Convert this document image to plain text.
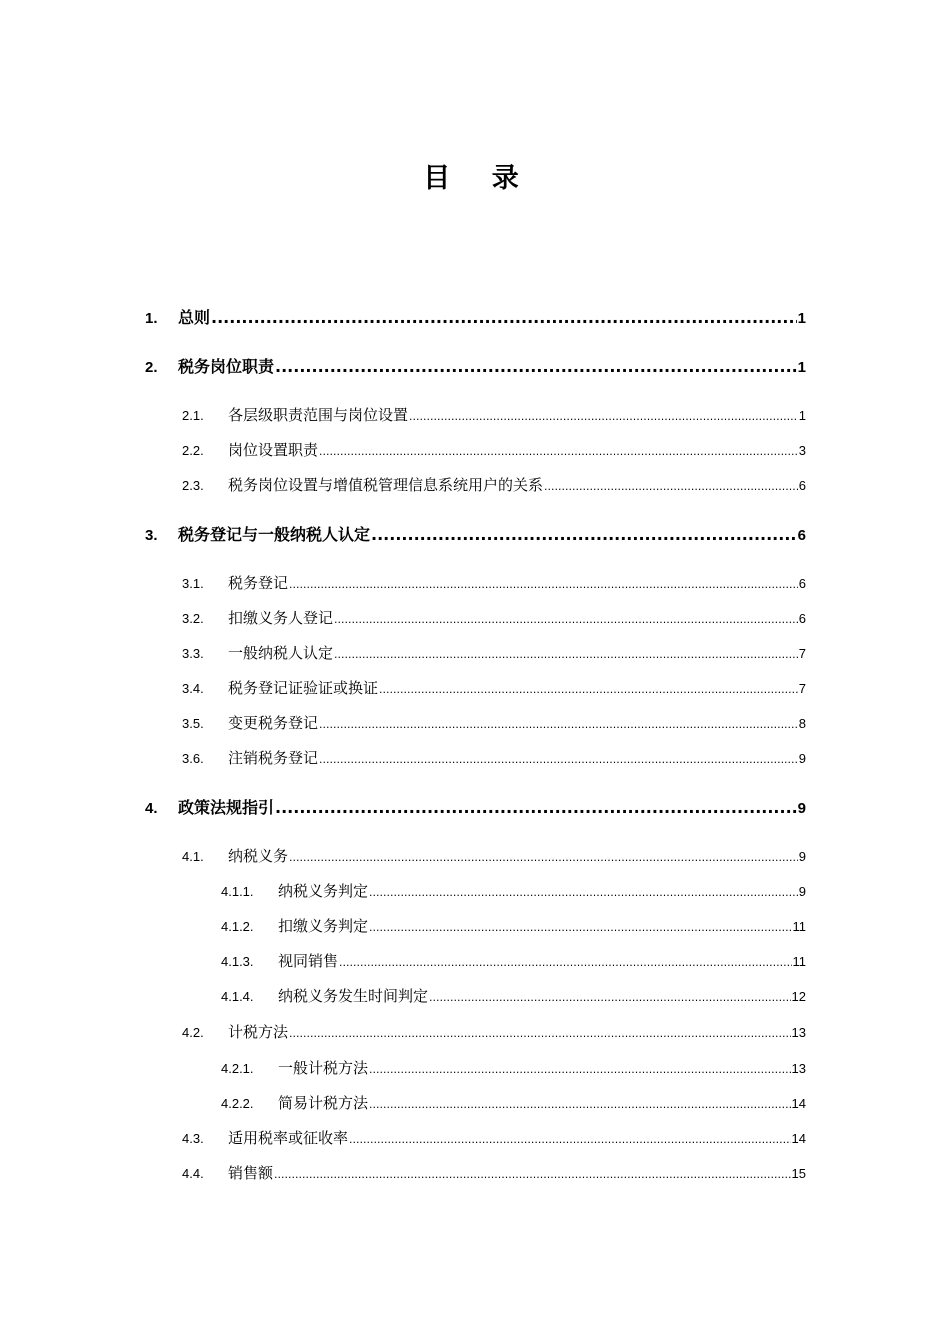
目 录
1.	总则 .....	1
2.	税务岗位职责 .....	1
2.1.	各层级职责范围与岗位设置 .....	1
2.2.	岗位设置职责 .....	3
2.3.	税务岗位设置与增值税管理信息系统用户的关系 .....	6
3.	税务登记与一般纳税人认定 .....	6
3.1.	税务登记 .....	6
3.2.	扣缴义务人登记 .....	6
3.3.	一般纳税人认定 .....	7
3.4.	税务登记证验证或换证 .....	7
3.5.	变更税务登记 .....	8
3.6.	注销税务登记 .....	9
4.	政策法规指引 .....	9
4.1.	纳税义务 .....	9
4.1.1.	纳税义务判定 .....	9
4.1.2.	扣缴义务判定 .....	11
4.1.3.	视同销售 .....	11
4.1.4.	纳税义务发生时间判定 .....	12
4.2.	计税方法 .....	13
4.2.1.	一般计税方法 .....	13
4.2.2.	简易计税方法 .....	14
4.3.	适用税率或征收率 .....	14
4.4.	销售额 .....	15
